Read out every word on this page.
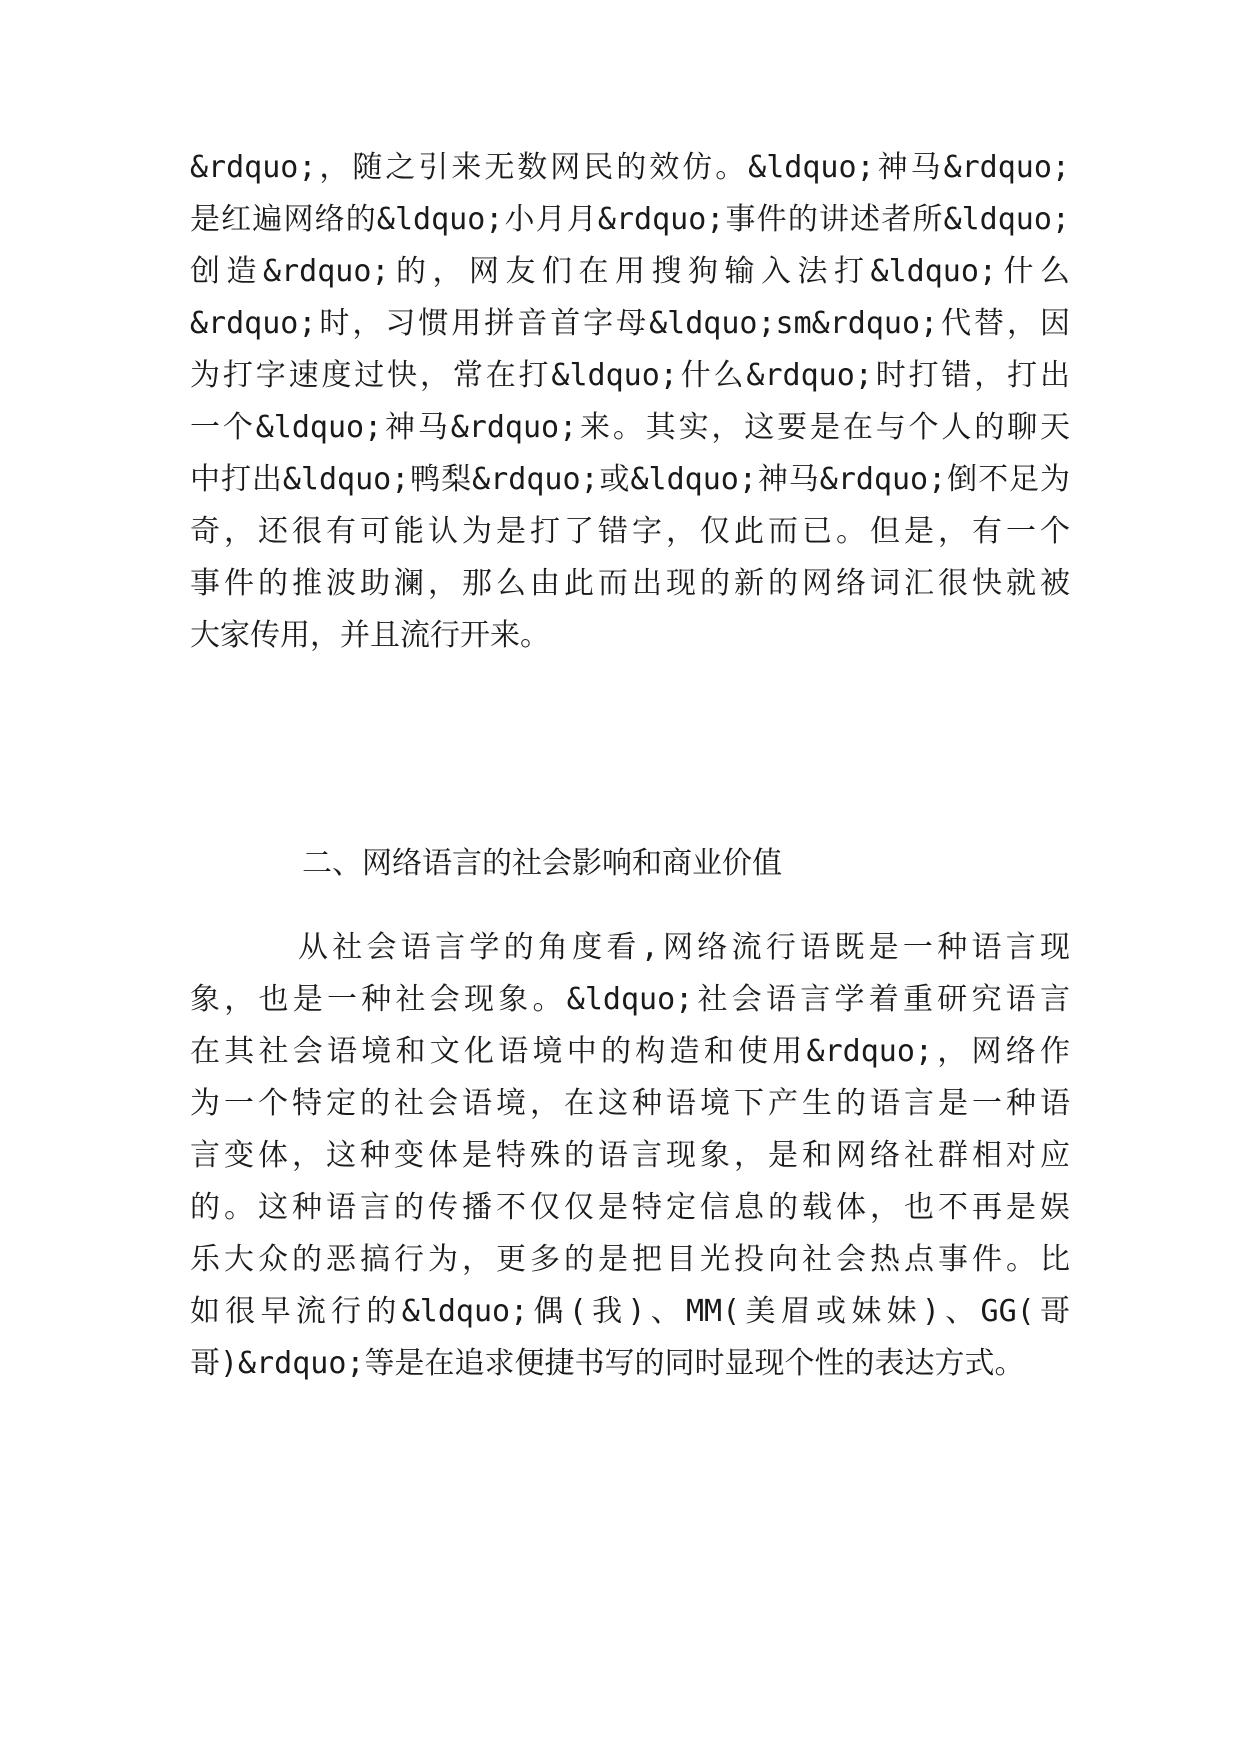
&rdquo;，随之引来无数网民的效仿。&ldquo;神马&rdquo;
是红遍网络的&ldquo;小月月&rdquo;事件的讲述者所&ldquo;
创造&rdquo;的，网友们在用搜狗输入法打&ldquo;什么
&rdquo;时，习惯用拼音首字母&ldquo;sm&rdquo;代替，因
为打字速度过快，常在打&ldquo;什么&rdquo;时打错，打出
一个&ldquo;神马&rdquo;来。其实，这要是在与个人的聊天
中打出&ldquo;鸭梨&rdquo;或&ldquo;神马&rdquo;倒不足为
奇，还很有可能认为是打了错字，仅此而已。但是，有一个
事件的推波助澜，那么由此而出现的新的网络词汇很快就被
大家传用，并且流行开来。
二、网络语言的社会影响和商业价值
从社会语言学的角度看,网络流行语既是一种语言现
象，也是一种社会现象。&ldquo;社会语言学着重研究语言
在其社会语境和文化语境中的构造和使用&rdquo;，网络作
为一个特定的社会语境，在这种语境下产生的语言是一种语
言变体，这种变体是特殊的语言现象，是和网络社群相对应
的。这种语言的传播不仅仅是特定信息的载体，也不再是娱
乐大众的恶搞行为，更多的是把目光投向社会热点事件。比
如很早流行的&ldquo;偶(我)、MM(美眉或妹妹)、GG(哥
哥)&rdquo;等是在追求便捷书写的同时显现个性的表达方式。
